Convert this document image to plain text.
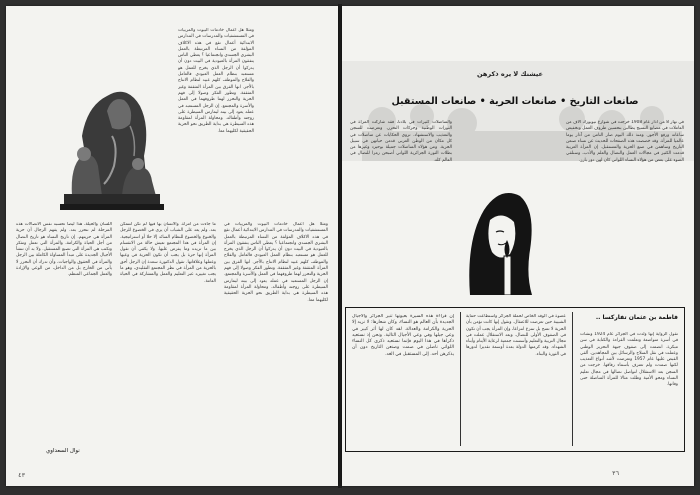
ومثلا هل أعمال خادمات البيوت والمربيات في المستشفيات والمدرسات في المدارس الابتدائية أعمال تقع في هذه الاكلاف المؤلفة من النساء المرتبطة بالعمل البشري الجسدي وانجتماعيا ؟ يعطي الناس يتفقون المرأة بالعبودية في البيت دون أن يدركوا أن الرجل الذي يخرج للعمل هو مستعبد بنظام العمل العبودي فالعامل والفلاح والموظف كلهم عبيد لنظام الانتاج بالأجر. انها الفرق بين المرأة المثقفة وغير المثقفة. وتطور الفكر وصولا إلى فهم الحرية والتحرر لهما ظروفهما في العمل والأسرة والمجتمع. إن الرجل المستعبد في عمله يعود إلى بيته ليمارس السيطرة على زوجته وأطفاله. ومحاولة المرأة لمقاومة هذه السيطرة هي بداية الطريق نحو الحرية الحقيقية لكليهما معا.

اللسان والحيلة، هذا ليضا تحسبه نفس الاتصالات هذه المرحلة لم نتحرر بعد. ولم يفهم الرجال أن حرية المرأة هي حريتهم. إن تاريخ النساء هو تاريخ النضال من أجل الحياة والكرامة، والمرأة التي تعمل وتفكر وتكتب هي المرأة التي تصنع المستقبل. ولا بد أن تنشأ الأجيال الجديدة على مبدأ المساواة الكاملة بين الرجل والمرأة في الحقوق والواجبات، وأن تدرك أن التحرر لا يأتي من الخارج بل من الداخل، من الوعي والإرادة والعمل الجماعي المنظم.

ما جاءت من امرأة. والانسان بها فيها لم تكن لتتمكن بعد. ولم يعد على الشباب أن يرى في الخضوع للرجل والخنوع والخضوع للنظام السائد إلا حلا أو استراتيجية. إن المرأة في هذا المجتمع تعيش حالة من الانقسام بين ما تريده وما يفرض عليها. ولا يكفي أن تقول المرأة إنها حرة بل يجب أن تكون الحرية في وعيها وعملها وعلاقاتها. تقول الدكتورة سعدة إن الرجل أحق بالحرية من المرأة في نظر المجتمع التقليدي، وهو ما يجب تغييره عبر التعليم والعمل والمشاركة في الحياة العامة.

ومثلا هل أعمال خادمات البيوت والمربيات في المستشفيات والمدرسات في المدارس الابتدائية أعمال تقع في هذه الاكلاف المؤلفة من النساء المرتبطة بالعمل البشري الجسدي وانجتماعيا ؟ يعطي الناس يتفقون المرأة بالعبودية في البيت دون أن يدركوا أن الرجل الذي يخرج للعمل هو مستعبد بنظام العمل العبودي فالعامل والفلاح والموظف كلهم عبيد لنظام الانتاج بالأجر. انها الفرق بين المرأة المثقفة وغير المثقفة. وتطور الفكر وصولا إلى فهم الحرية والتحرر لهما ظروفهما في العمل والأسرة والمجتمع. إن الرجل المستعبد في عمله يعود إلى بيته ليمارس السيطرة على زوجته وأطفاله. ومحاولة المرأة لمقاومة هذه السيطرة هي بداية الطريق نحو الحرية الحقيقية لكليهما معا.

نوال السعداوي
٤٣
عيشنك لا يره ذكرهن
صانعات التاريخ • صانعات الحرية • صانعات المستقبل

في نهار 8 من آذار عام 1908 خرجت في شوارع نيويورك آلاف من العاملات في مصانع النسيج يطالبن بتحسين ظروف العمل وتخفيض ساعاته ورفع الأجور. ومنذ ذلك اليوم صار الثامن من آذار يوما عالميا للمرأة. وقد خصصت هذه الصفحات للحديث عن نساء صنعن التاريخ وساهمن في صنع الحرية والمستقبل. إن المرأة العربية قدمت الكثير في مجالات العمل والنضال والعلم والأدب، وسنلقي الضوء على بعض من هؤلاء النساء اللواتي كان لهن دور بارز.

والمناضلات كثيرات في بلادنا، فقد شاركت المرأة في الثورات الوطنية وحركات التحرر، وتعرضت للسجن والتعذيب والاستشهاد. تروي الحكايات عن مناضلات في كل مكان من الوطن العربي قدمن حياتهن في سبيل الحرية. ومن هؤلاء المناضلات جميلة بوحيرد وغيرها من بطلات الثورة الجزائرية اللواتي أصبحن رمزا للنضال في العالم كله.

فاطمة بن عثمان تفاركسا ..

تقول الرواية إنها ولدت في الجزائر عام 1924 ونشأت في أسرة متواضعة وتعلمت القراءة والكتابة في سن مبكرة. انضمت إلى صفوف جبهة التحرير الوطني وعملت في نقل السلاح والرسائل بين المجاهدين. ألقي القبض عليها عام 1957 وتعرضت لأشد أنواع التعذيب لكنها صمدت ولم تعترف بأسماء رفاقها. خرجت من السجن بعد الاستقلال لتواصل نضالها في مجال تعليم النساء ومحو الأمية وظلت مثالا للمرأة المناضلة حتى وفاتها.

عضوة في الوفد الخاص لحملة الجزائر واستطاعت حماية الشبيبة حين تعرضت للاعتقال. وتقول إنها كانت تؤمن بأن الحرية لا تمنح بل تنتزع انتزاعا، وإن المرأة يجب أن تكون في الصفوف الأولى للنضال. وبعد الاستقلال عملت في مجال التربية والتعليم وأسست جمعية لرعاية الأيتام وأبناء الشهداء. وقد كرمتها الدولة بعدة أوسمة تقديرا لدورها في الثورة والبناء.

إن قراءة هذه السيرة بعيونها تنير الجزائر والأجيال الجديدة بأن العالم هو النساء، وكان شعارها: لا نريد إلا الحرية والكرامة والعدالة. لقد كان لها أثر كبير في وعي جيلها وفي وعي الأجيال التالية. ونحن إذ نستعيد ذكراها في هذا اليوم فإنما نستعيد ذكرى كل النساء اللواتي ناضلن في صمت وصنعن التاريخ دون أن يذكرهن أحد. إلى المستقبل في الغد.

٣٦
